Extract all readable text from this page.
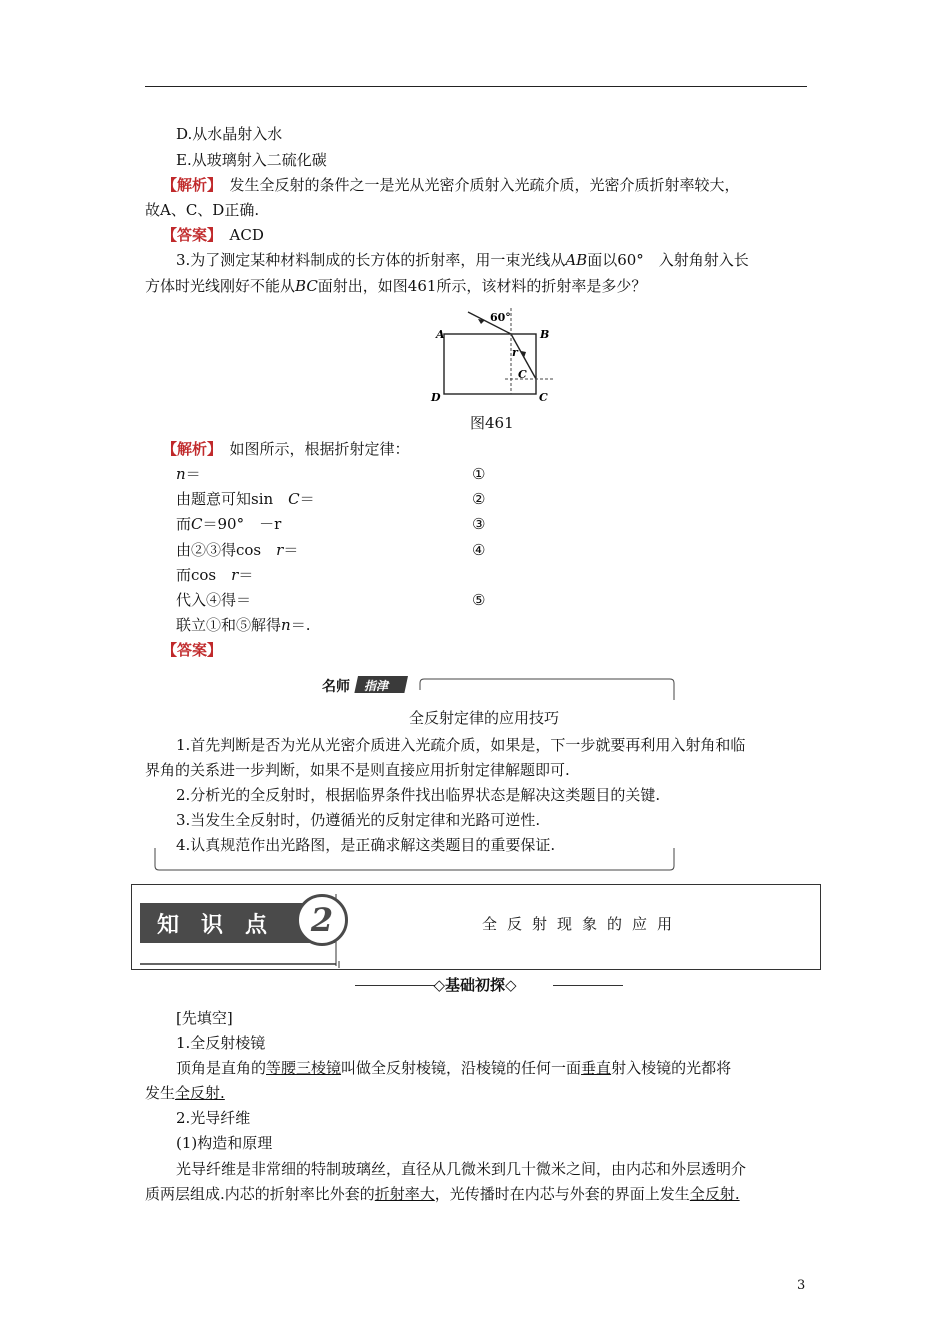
D.从水晶射入水
E.从玻璃射入二硫化碳
【解析】　发生全反射的条件之一是光从光密介质射入光疏介质，光密介质折射率较大，
故A、C、D正确.
【答案】　ACD
3.为了测定某种材料制成的长方体的折射率，用一束光线从AB面以60°　入射角射入长
方体时光线刚好不能从BC面射出，如图461所示，该材料的折射率是多少？
A	B
C
D
60°
r
C
图461
【解析】　如图所示，根据折射定律：
n＝	①
由题意可知sin　C＝	②
而C＝90°　－r	③
由②③得cos　r＝	④
而cos　r＝
代入④得＝	⑤
联立①和⑤解得n＝.
【答案】
名师 指津
全反射定律的应用技巧
1.首先判断是否为光从光密介质进入光疏介质，如果是，下一步就要再利用入射角和临
界角的关系进一步判断，如果不是则直接应用折射定律解题即可.
2.分析光的全反射时，根据临界条件找出临界状态是解决这类题目的关键.
3.当发生全反射时，仍遵循光的反射定律和光路可逆性.
4.认真规范作出光路图，是正确求解这类题目的重要保证.
知　识　点	2	全反射现象的应用
◇基础初探◇
[先填空]
1.全反射棱镜
顶角是直角的等腰三棱镜叫做全反射棱镜，沿棱镜的任何一面垂直射入棱镜的光都将
发生全反射.
2.光导纤维
(1)构造和原理
光导纤维是非常细的特制玻璃丝，直径从几微米到几十微米之间，由内芯和外层透明介
质两层组成.内芯的折射率比外套的折射率大，光传播时在内芯与外套的界面上发生全反射.
3
